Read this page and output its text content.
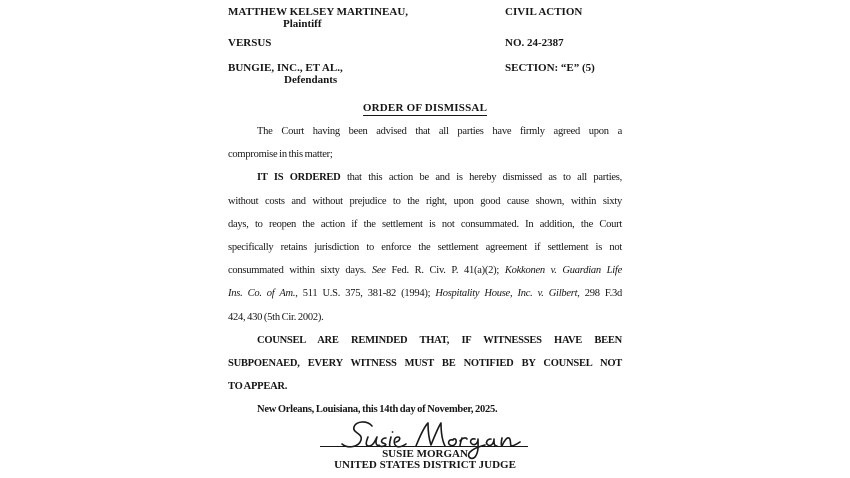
MATTHEW KELSEY MARTINEAU,
Plaintiff
VERSUS
BUNGIE, INC., ET AL.,
Defendants
CIVIL ACTION
NO. 24-2387
SECTION: “E” (5)
ORDER OF DISMISSAL
The Court having been advised that all parties have firmly agreed upon a
compromise in this matter;
IT IS ORDERED that this action be and is hereby dismissed as to all parties,
without costs and without prejudice to the right, upon good cause shown, within sixty
days, to reopen the action if the settlement is not consummated. In addition, the Court
specifically retains jurisdiction to enforce the settlement agreement if settlement is not
consummated within sixty days. See Fed. R. Civ. P. 41(a)(2); Kokkonen v. Guardian Life
Ins. Co. of Am., 511 U.S. 375, 381-82 (1994); Hospitality House, Inc. v. Gilbert, 298 F.3d
424, 430 (5th Cir. 2002).
COUNSEL ARE REMINDED THAT, IF WITNESSES HAVE BEEN
SUBPOENAED, EVERY WITNESS MUST BE NOTIFIED BY COUNSEL NOT
TO APPEAR.
New Orleans, Louisiana, this 14th day of November, 2025.
SUSIE MORGAN
UNITED STATES DISTRICT JUDGE
